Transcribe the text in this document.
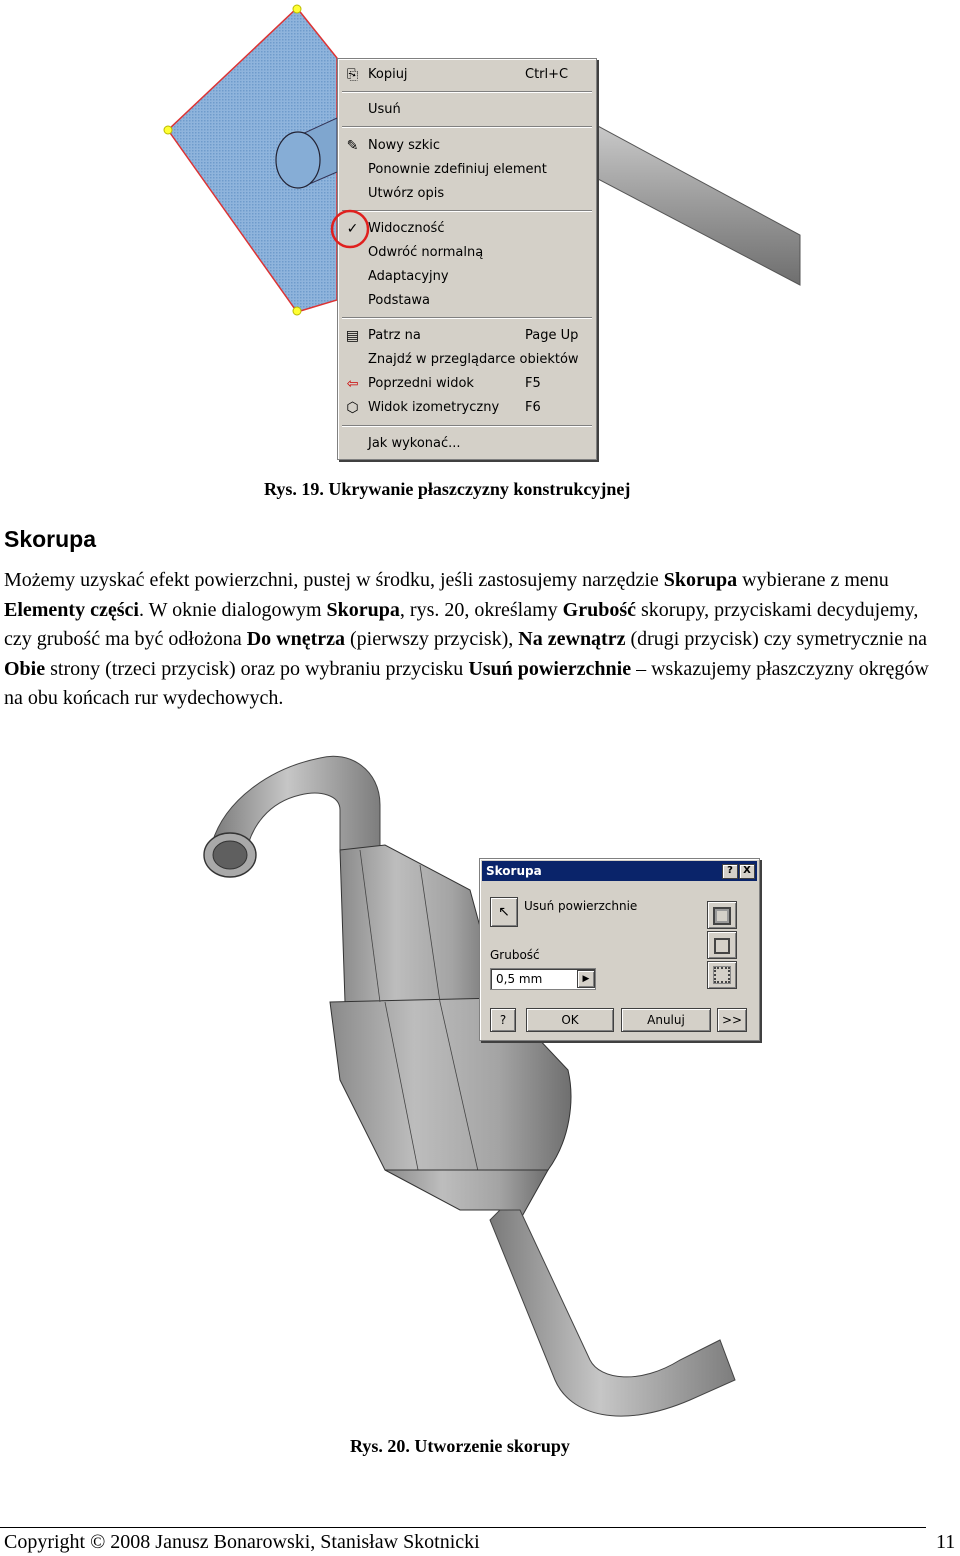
⎘ Kopiuj	Ctrl+C
Usuń
✎ Nowy szkic
Ponownie zdefiniuj element
Utwórz opis
✓ Widoczność
Odwróć normalną
Adaptacyjny
Podstawa
▤ Patrz na	Page Up
Znajdź w przeglądarce obiektów
⇦ Poprzedni widok	F5
⬡ Widok izometryczny F6
Jak wykonać...
Rys. 19. Ukrywanie płaszczyzny konstrukcyjnej
Skorupa

Możemy uzyskać efekt powierzchni, pustej w środku, jeśli zastosujemy narzędzie Skorupa wybierane z menu Elementy części. W oknie dialogowym Skorupa, rys. 20, określamy Grubość skorupy, przyciskami decydujemy, czy grubość ma być odłożona Do wnętrza (pierwszy przycisk), Na zewnątrz (drugi przycisk) czy symetrycznie na Obie strony (trzeci przycisk) oraz po wybraniu przycisku Usuń powierzchnie – wskazujemy płaszczyzny okręgów na obu końcach rur wydechowych.

Skorupa	?	X
↖	Usuń powierzchnie
Grubość
0,5 mm	▶
?	OK	Anuluj	>>
Rys. 20. Utworzenie skorupy
Copyright © 2008 Janusz Bonarowski, Stanisław Skotnicki	11
